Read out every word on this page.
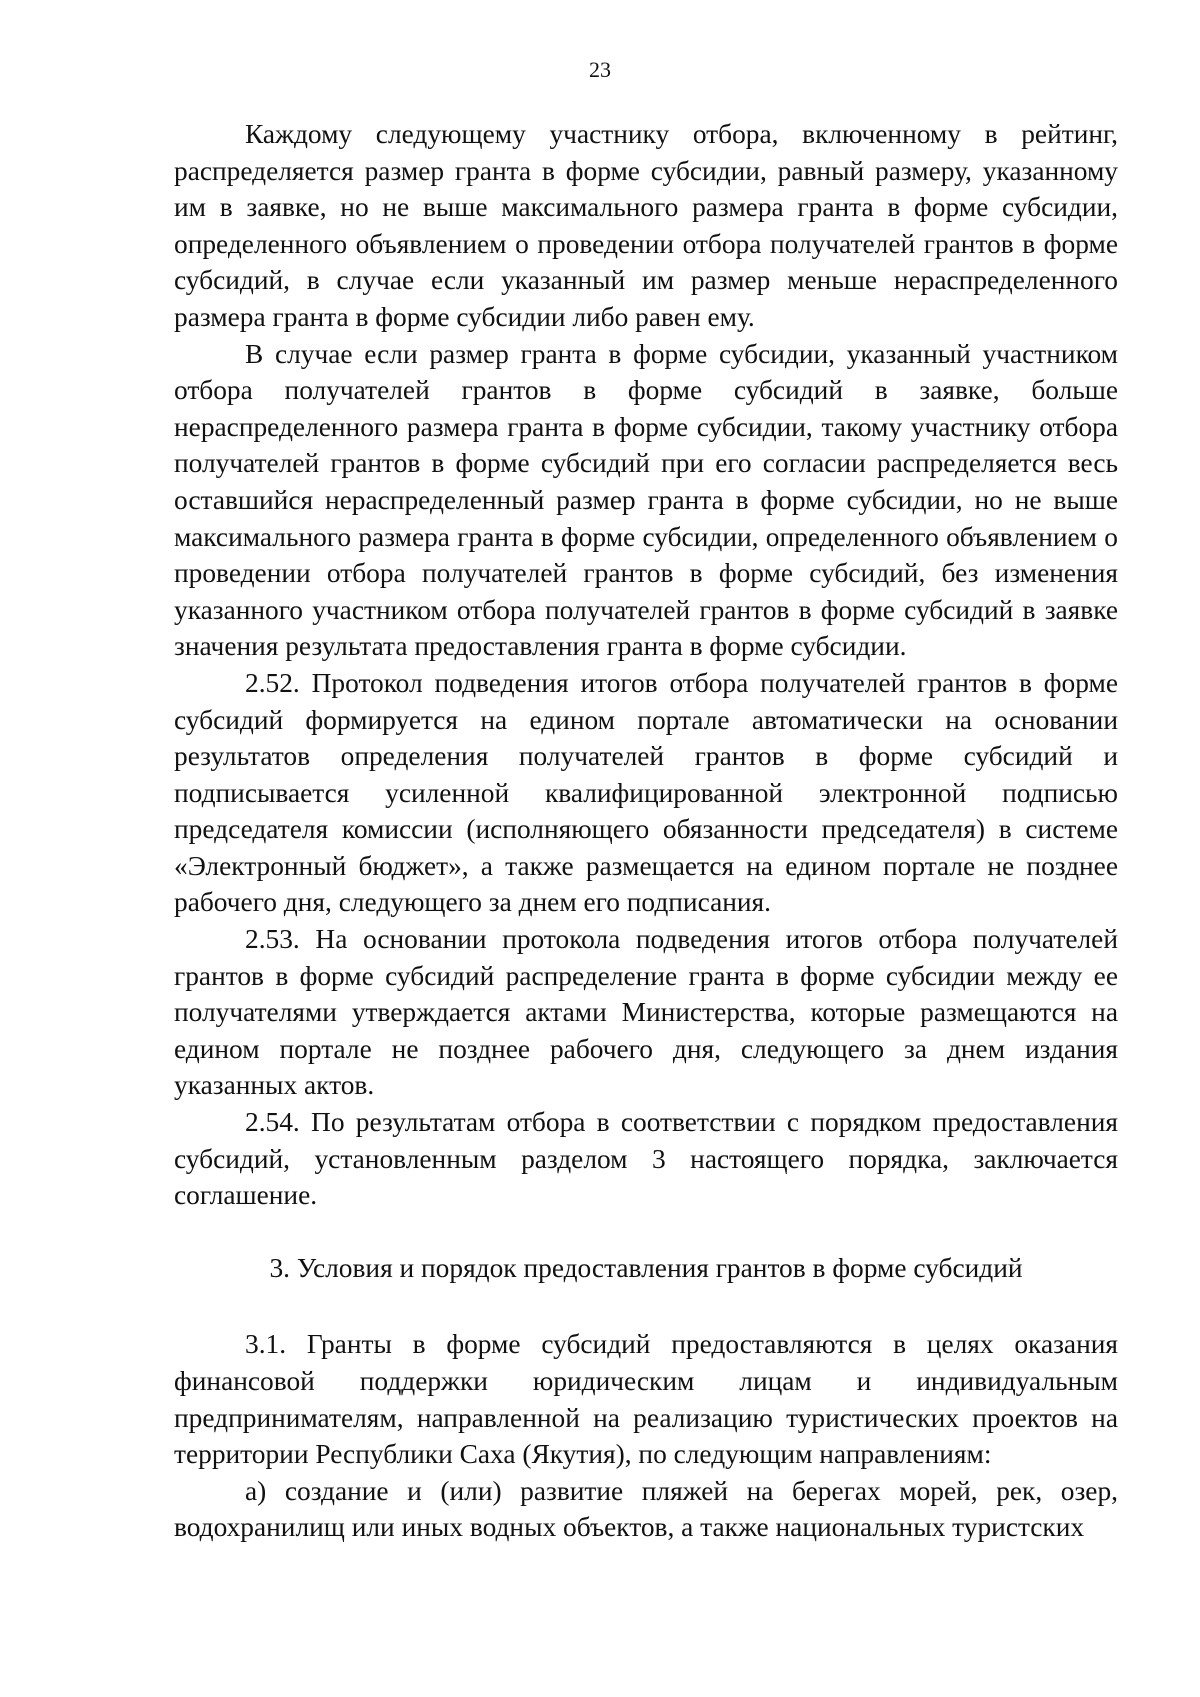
23

Каждому следующему участнику отбора, включенному в рейтинг, распределяется размер гранта в форме субсидии, равный размеру, указанному им в заявке, но не выше максимального размера гранта в форме субсидии, определенного объявлением о проведении отбора получателей грантов в форме субсидий, в случае если указанный им размер меньше нераспределенного размера гранта в форме субсидии либо равен ему.

В случае если размер гранта в форме субсидии, указанный участником отбора получателей грантов в форме субсидий в заявке, больше нераспределенного размера гранта в форме субсидии, такому участнику отбора получателей грантов в форме субсидий при его согласии распределяется весь оставшийся нераспределенный размер гранта в форме субсидии, но не выше максимального размера гранта в форме субсидии, определенного объявлением о проведении отбора получателей грантов в форме субсидий, без изменения указанного участником отбора получателей грантов в форме субсидий в заявке значения результата предоставления гранта в форме субсидии.

2.52. Протокол подведения итогов отбора получателей грантов в форме субсидий формируется на едином портале автоматически на основании результатов определения получателей грантов в форме субсидий и подписывается усиленной квалифицированной электронной подписью председателя комиссии (исполняющего обязанности председателя) в системе «Электронный бюджет», а также размещается на едином портале не позднее рабочего дня, следующего за днем его подписания.

2.53. На основании протокола подведения итогов отбора получателей грантов в форме субсидий распределение гранта в форме субсидии между ее получателями утверждается актами Министерства, которые размещаются на едином портале не позднее рабочего дня, следующего за днем издания указанных актов.

2.54. По результатам отбора в соответствии с порядком предоставления субсидий, установленным разделом 3 настоящего порядка, заключается соглашение.

3. Условия и порядок предоставления грантов в форме субсидий

3.1. Гранты в форме субсидий предоставляются в целях оказания финансовой поддержки юридическим лицам и индивидуальным предпринимателям, направленной на реализацию туристических проектов на территории Республики Саха (Якутия), по следующим направлениям:

а) создание и (или) развитие пляжей на берегах морей, рек, озер, водохранилищ или иных водных объектов, а также национальных туристских
